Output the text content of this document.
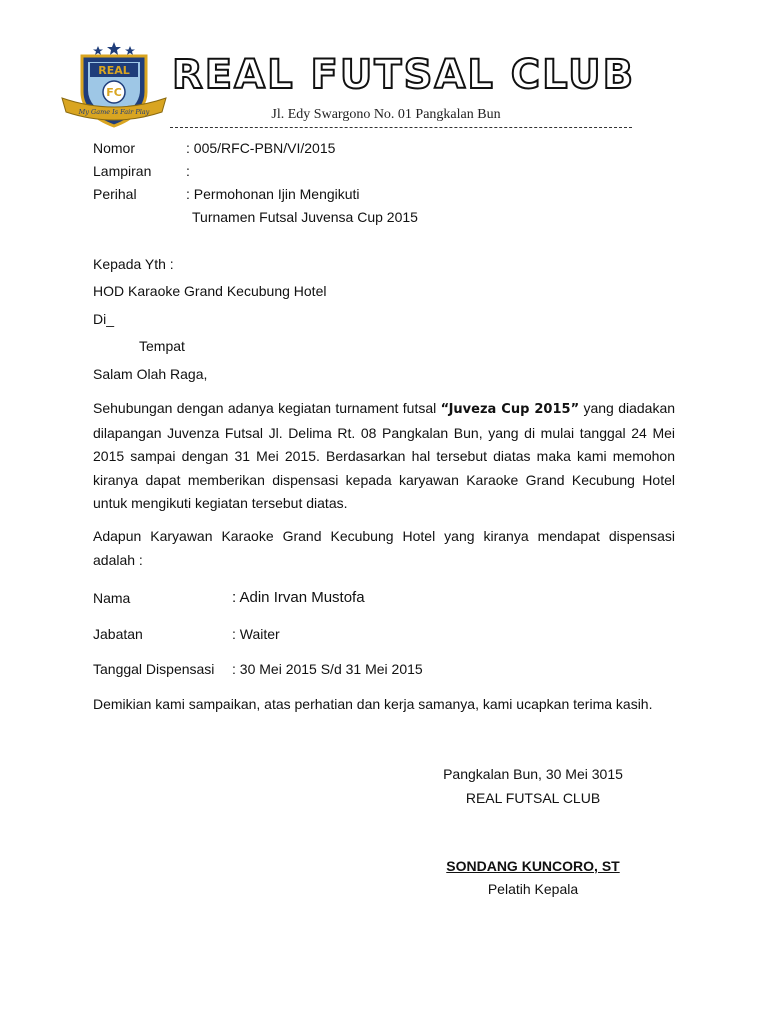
REAL
FC
My Game Is Fair Play
REAL FUTSAL CLUB
Jl. Edy Swargono No. 01 Pangkalan Bun
Nomor	: 005/RFC-PBN/VI/2015
Lampiran :
Perihal	: Permohonan Ijin Mengikuti
Turnamen Futsal Juvensa Cup 2015
Kepada Yth :
HOD Karaoke Grand Kecubung Hotel
Di_
Tempat
Salam Olah Raga,
Sehubungan dengan adanya kegiatan turnament futsal “Juveza Cup 2015” yang diadakan dilapangan Juvenza Futsal Jl. Delima Rt. 08 Pangkalan Bun, yang di mulai tanggal 24 Mei 2015 sampai dengan 31 Mei 2015. Berdasarkan hal tersebut diatas maka kami memohon kiranya dapat memberikan dispensasi kepada karyawan Karaoke Grand Kecubung Hotel untuk mengikuti kegiatan tersebut diatas.
Adapun Karyawan Karaoke Grand Kecubung Hotel yang kiranya mendapat dispensasi adalah :
Nama	: Adin Irvan Mustofa
Jabatan	: Waiter
Tanggal Dispensasi : 30 Mei 2015 S/d 31 Mei 2015
Demikian kami sampaikan, atas perhatian dan kerja samanya, kami ucapkan terima kasih.
Pangkalan Bun, 30 Mei 3015
REAL FUTSAL CLUB
SONDANG KUNCORO, ST
Pelatih Kepala
